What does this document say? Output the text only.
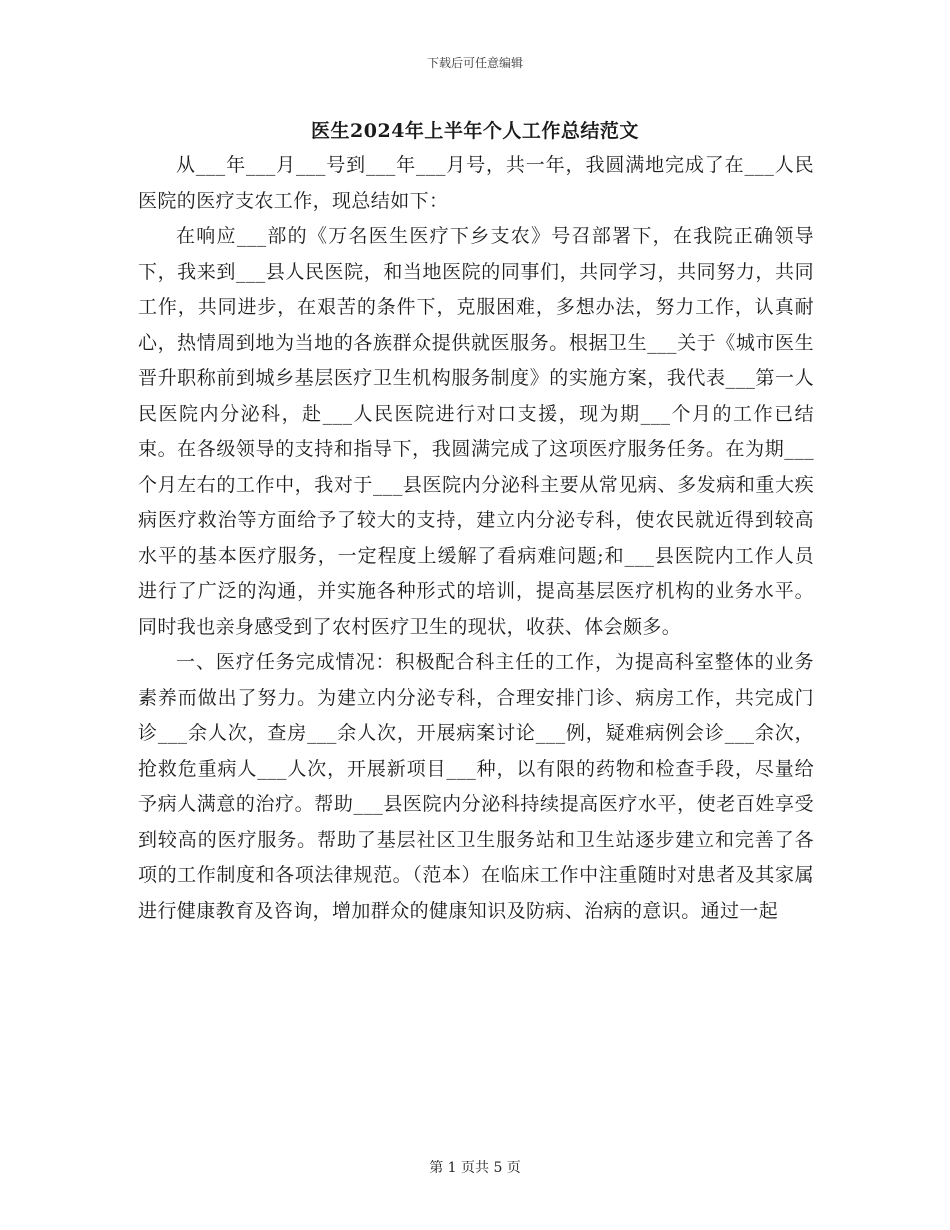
下载后可任意编辑
医生2024年上半年个人工作总结范文

从___年___月___号到___年___月号，共一年，我圆满地完成了在___人民医院的医疗支农工作，现总结如下：

在响应___部的《万名医生医疗下乡支农》号召部署下，在我院正确领导下，我来到___县人民医院，和当地医院的同事们，共同学习，共同努力，共同工作，共同进步，在艰苦的条件下，克服困难，多想办法，努力工作，认真耐心，热情周到地为当地的各族群众提供就医服务。根据卫生___关于《城市医生晋升职称前到城乡基层医疗卫生机构服务制度》的实施方案，我代表___第一人民医院内分泌科，赴___人民医院进行对口支援，现为期___个月的工作已结束。在各级领导的支持和指导下，我圆满完成了这项医疗服务任务。在为期___个月左右的工作中，我对于___县医院内分泌科主要从常见病、多发病和重大疾病医疗救治等方面给予了较大的支持，建立内分泌专科，使农民就近得到较高水平的基本医疗服务，一定程度上缓解了看病难问题;和___县医院内工作人员进行了广泛的沟通，并实施各种形式的培训，提高基层医疗机构的业务水平。同时我也亲身感受到了农村医疗卫生的现状，收获、体会颇多。

一、医疗任务完成情况：积极配合科主任的工作，为提高科室整体的业务素养而做出了努力。为建立内分泌专科，合理安排门诊、病房工作，共完成门诊___余人次，查房___余人次，开展病案讨论___例，疑难病例会诊___余次，抢救危重病人___人次，开展新项目___种，以有限的药物和检查手段，尽量给予病人满意的治疗。帮助___县医院内分泌科持续提高医疗水平，使老百姓享受到较高的医疗服务。帮助了基层社区卫生服务站和卫生站逐步建立和完善了各项的工作制度和各项法律规范。（范本）在临床工作中注重随时对患者及其家属进行健康教育及咨询，增加群众的健康知识及防病、治病的意识。通过一起

第 1 页共 5 页
